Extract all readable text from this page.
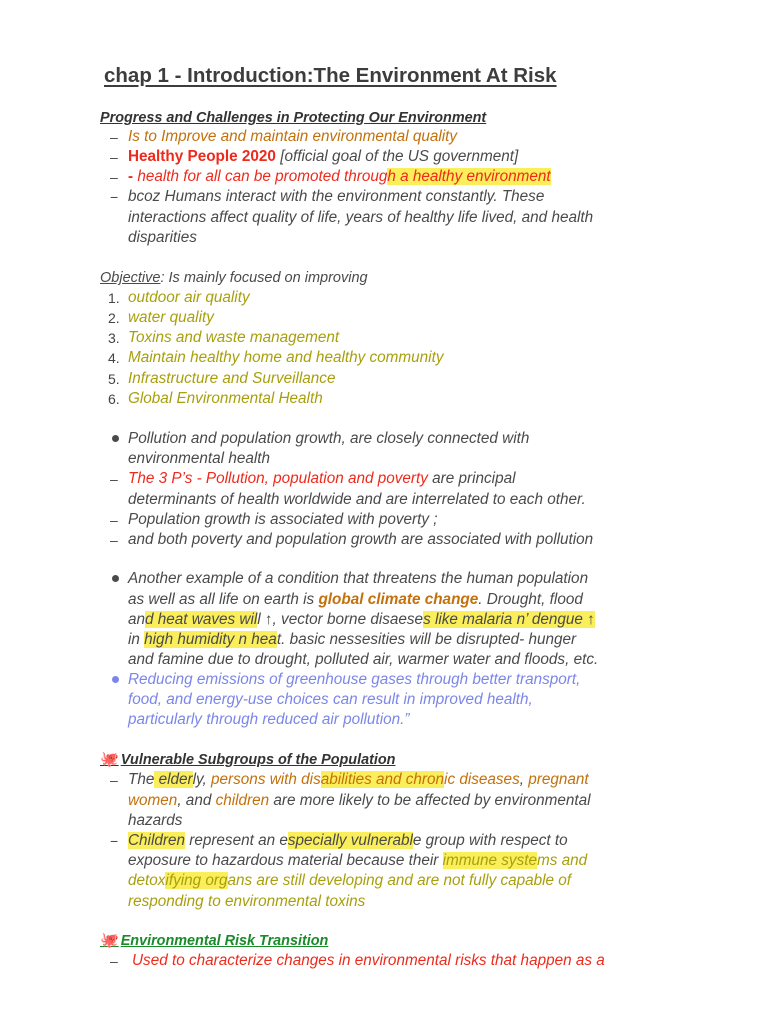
chap 1 - Introduction:The Environment At Risk
Progress and Challenges in Protecting Our Environment
– Is to Improve and maintain environmental quality
– Healthy People 2020 [official goal of the US government]
– - health for all can be promoted through a healthy environment
− bcoz Humans interact with the environment constantly. These
interactions affect quality of life, years of healthy life lived, and health
disparities
Objective: Is mainly focused on improving
1. outdoor air quality
2. water quality
3. Toxins and waste management
4. Maintain healthy home and healthy community
5. Infrastructure and Surveillance
6. Global Environmental Health
Pollution and population growth, are closely connected with
environmental health
– The 3 P’s - Pollution, population and poverty are principal
determinants of health worldwide and are interrelated to each other.
– Population growth is associated with poverty ;
– and both poverty and population growth are associated with pollution
Another example of a condition that threatens the human population
as well as all life on earth is global climate change. Drought, flood
and heat waves will ↑, vector borne disaeses like malaria n’ dengue ↑
in high humidity n heat. basic nessesities will be disrupted- hunger
and famine due to drought, polluted air, warmer water and floods, etc.
Reducing emissions of greenhouse gases through better transport,
food, and energy-use choices can result in improved health,
particularly through reduced air pollution.”
🐙 Vulnerable Subgroups of the Population
– The elderly, persons with disabilities and chronic diseases, pregnant
women, and children are more likely to be affected by environmental
hazards
− Children represent an especially vulnerable group with respect to
exposure to hazardous material because their immune systems and
detoxifying organs are still developing and are not fully capable of
responding to environmental toxins
🐙 Environmental Risk Transition
– Used to characterize changes in environmental risks that happen as a
